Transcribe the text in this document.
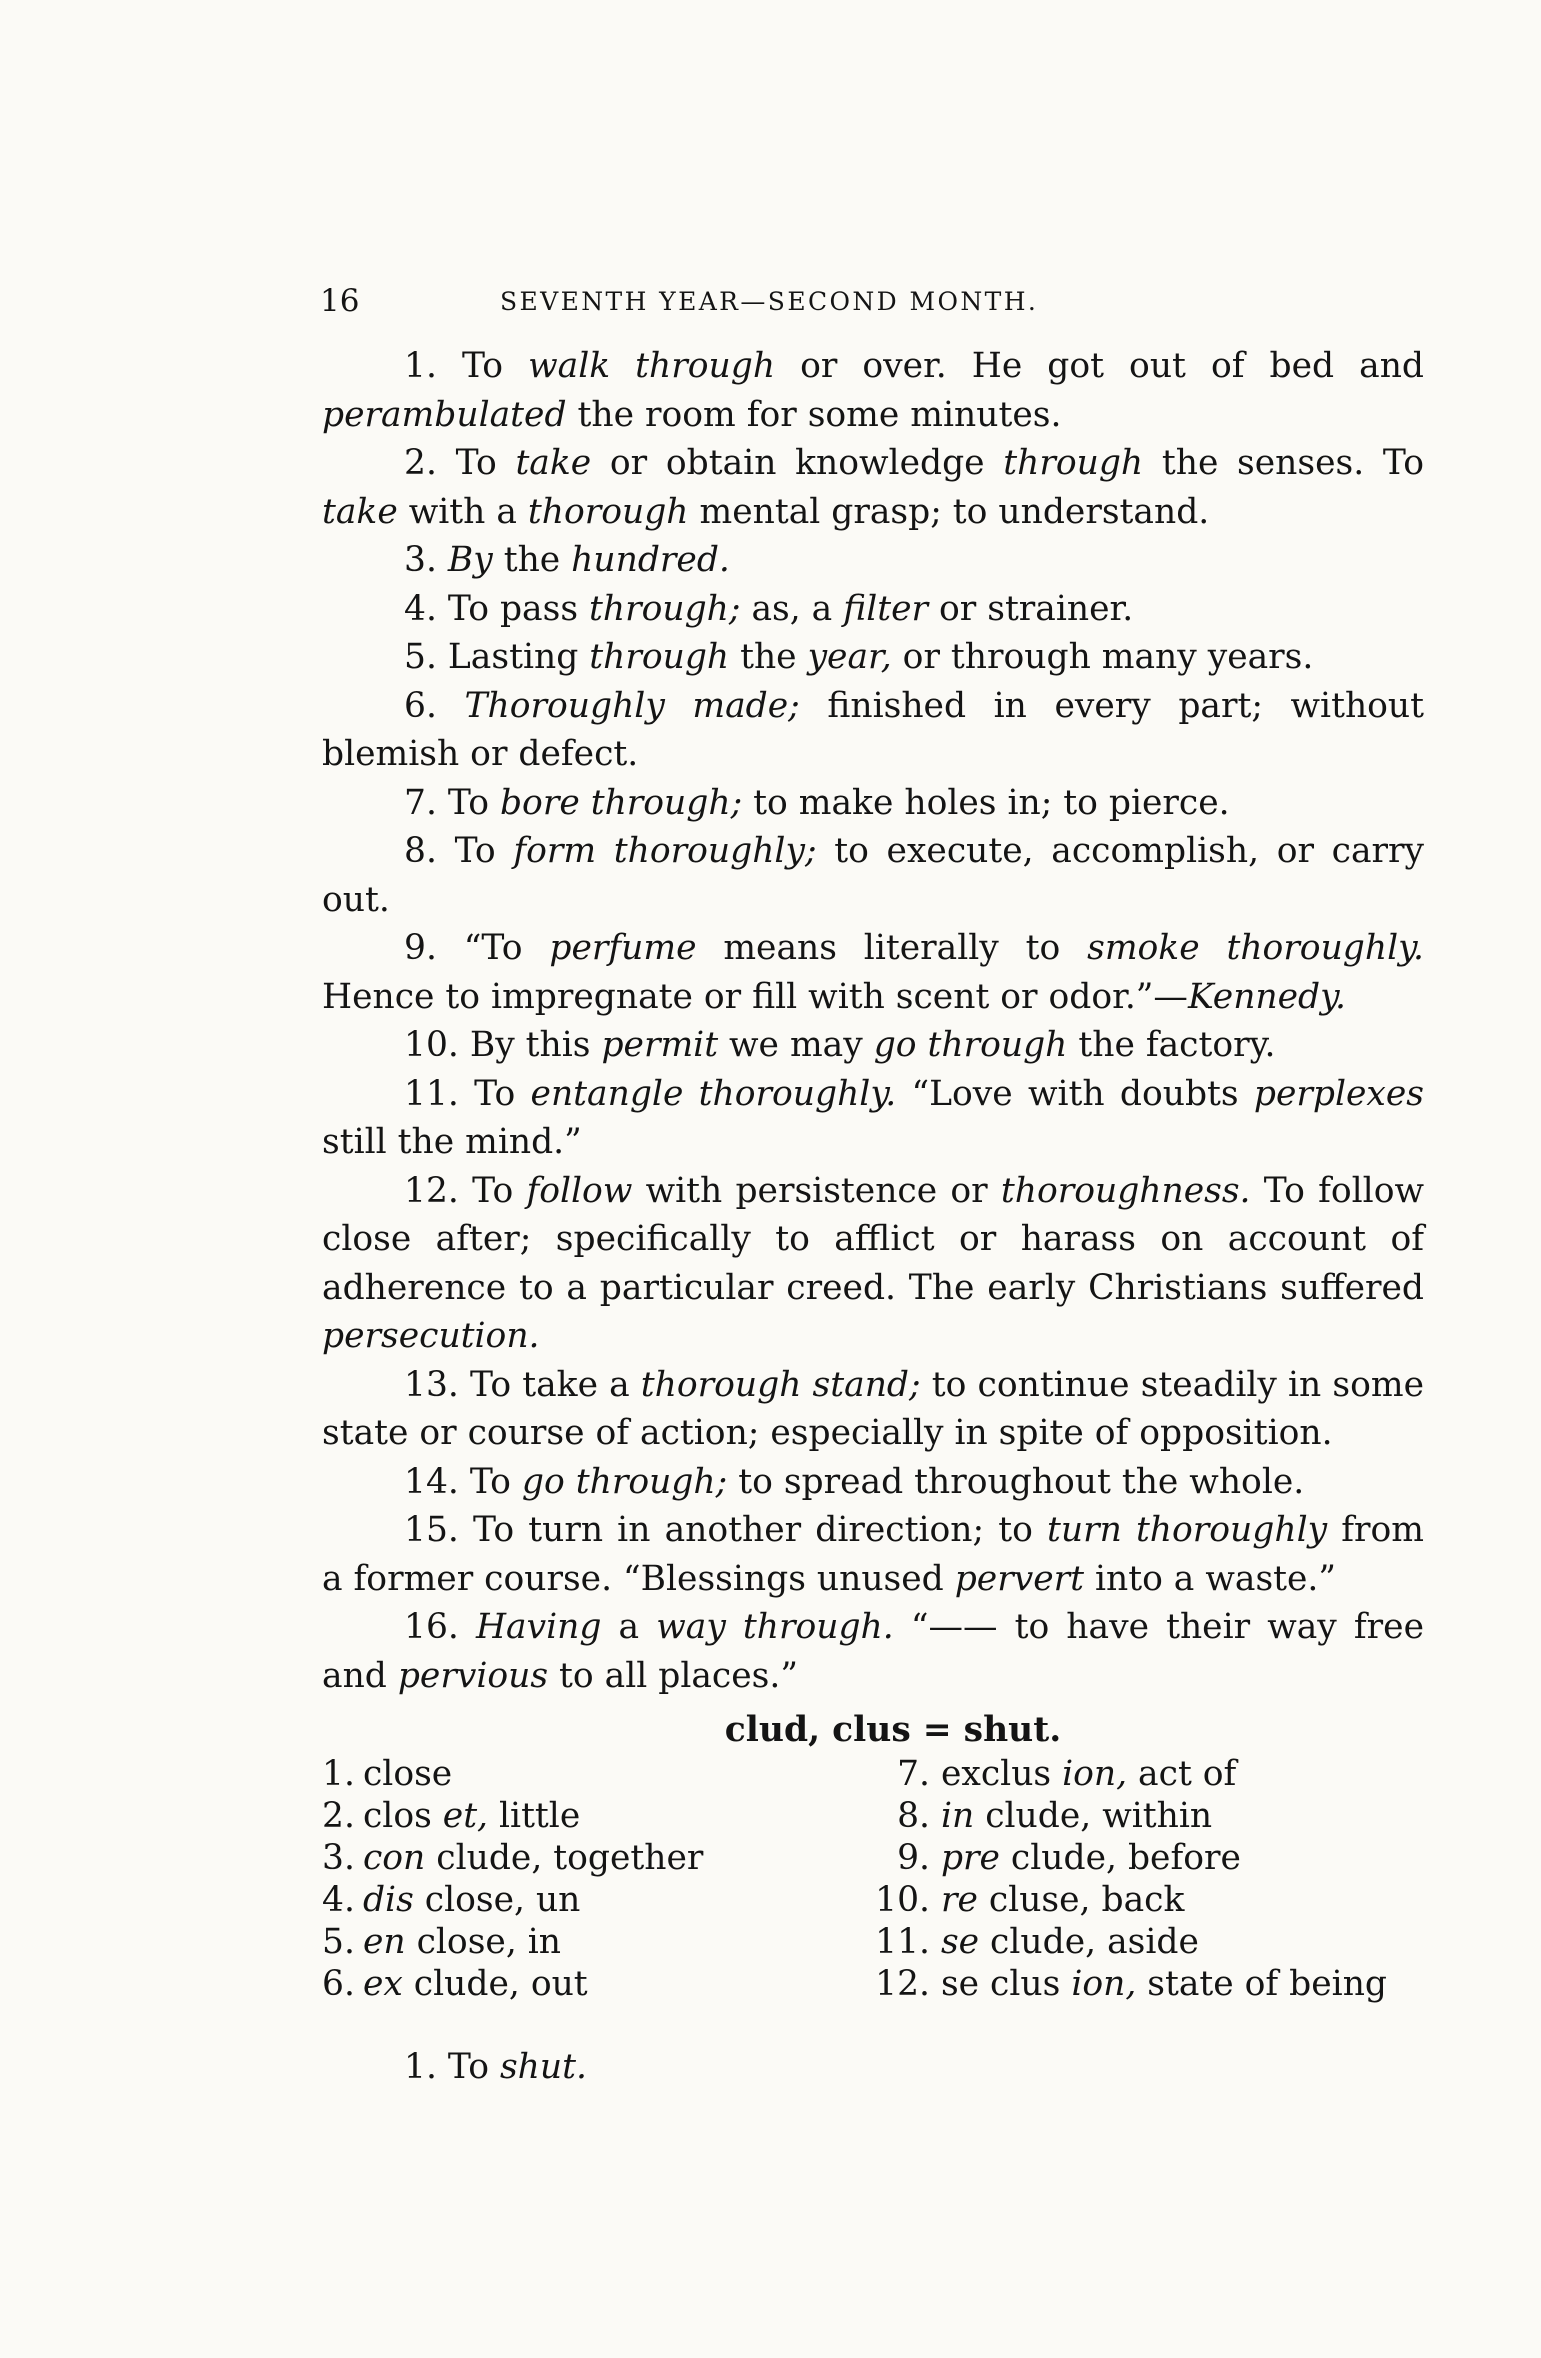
16	SEVENTH YEAR—SECOND MONTH.
1. To walk through or over. He got out of bed and perambulated the room for some minutes.
2. To take or obtain knowledge through the senses. To take with a thorough mental grasp; to understand.
3. By the hundred.
4. To pass through; as, a filter or strainer.
5. Lasting through the year, or through many years.
6. Thoroughly made; finished in every part; without blemish or defect.
7. To bore through; to make holes in; to pierce.
8. To form thoroughly; to execute, accomplish, or carry out.
9. “To perfume means literally to smoke thoroughly. Hence to impregnate or fill with scent or odor.”—Kennedy.
10. By this permit we may go through the factory.
11. To entangle thoroughly. “Love with doubts perplexes still the mind.”
12. To follow with persistence or thoroughness. To follow close after; specifically to afflict or harass on account of adherence to a particular creed. The early Christians suffered persecution.
13. To take a thorough stand; to continue steadily in some state or course of action; especially in spite of opposition.
14. To go through; to spread throughout the whole.
15. To turn in another direction; to turn thoroughly from a former course. “Blessings unused pervert into a waste.”
16. Having a way through. “—— to have their way free and pervious to all places.”
clud, clus = shut.
1. close
2. clos et, little
3. con clude, together
4. dis close, un
5. en close, in
6. ex clude, out
7. exclus ion, act of
8. in clude, within
9. pre clude, before
10. re cluse, back
11. se clude, aside
12. se clus ion, state of being
1. To shut.
